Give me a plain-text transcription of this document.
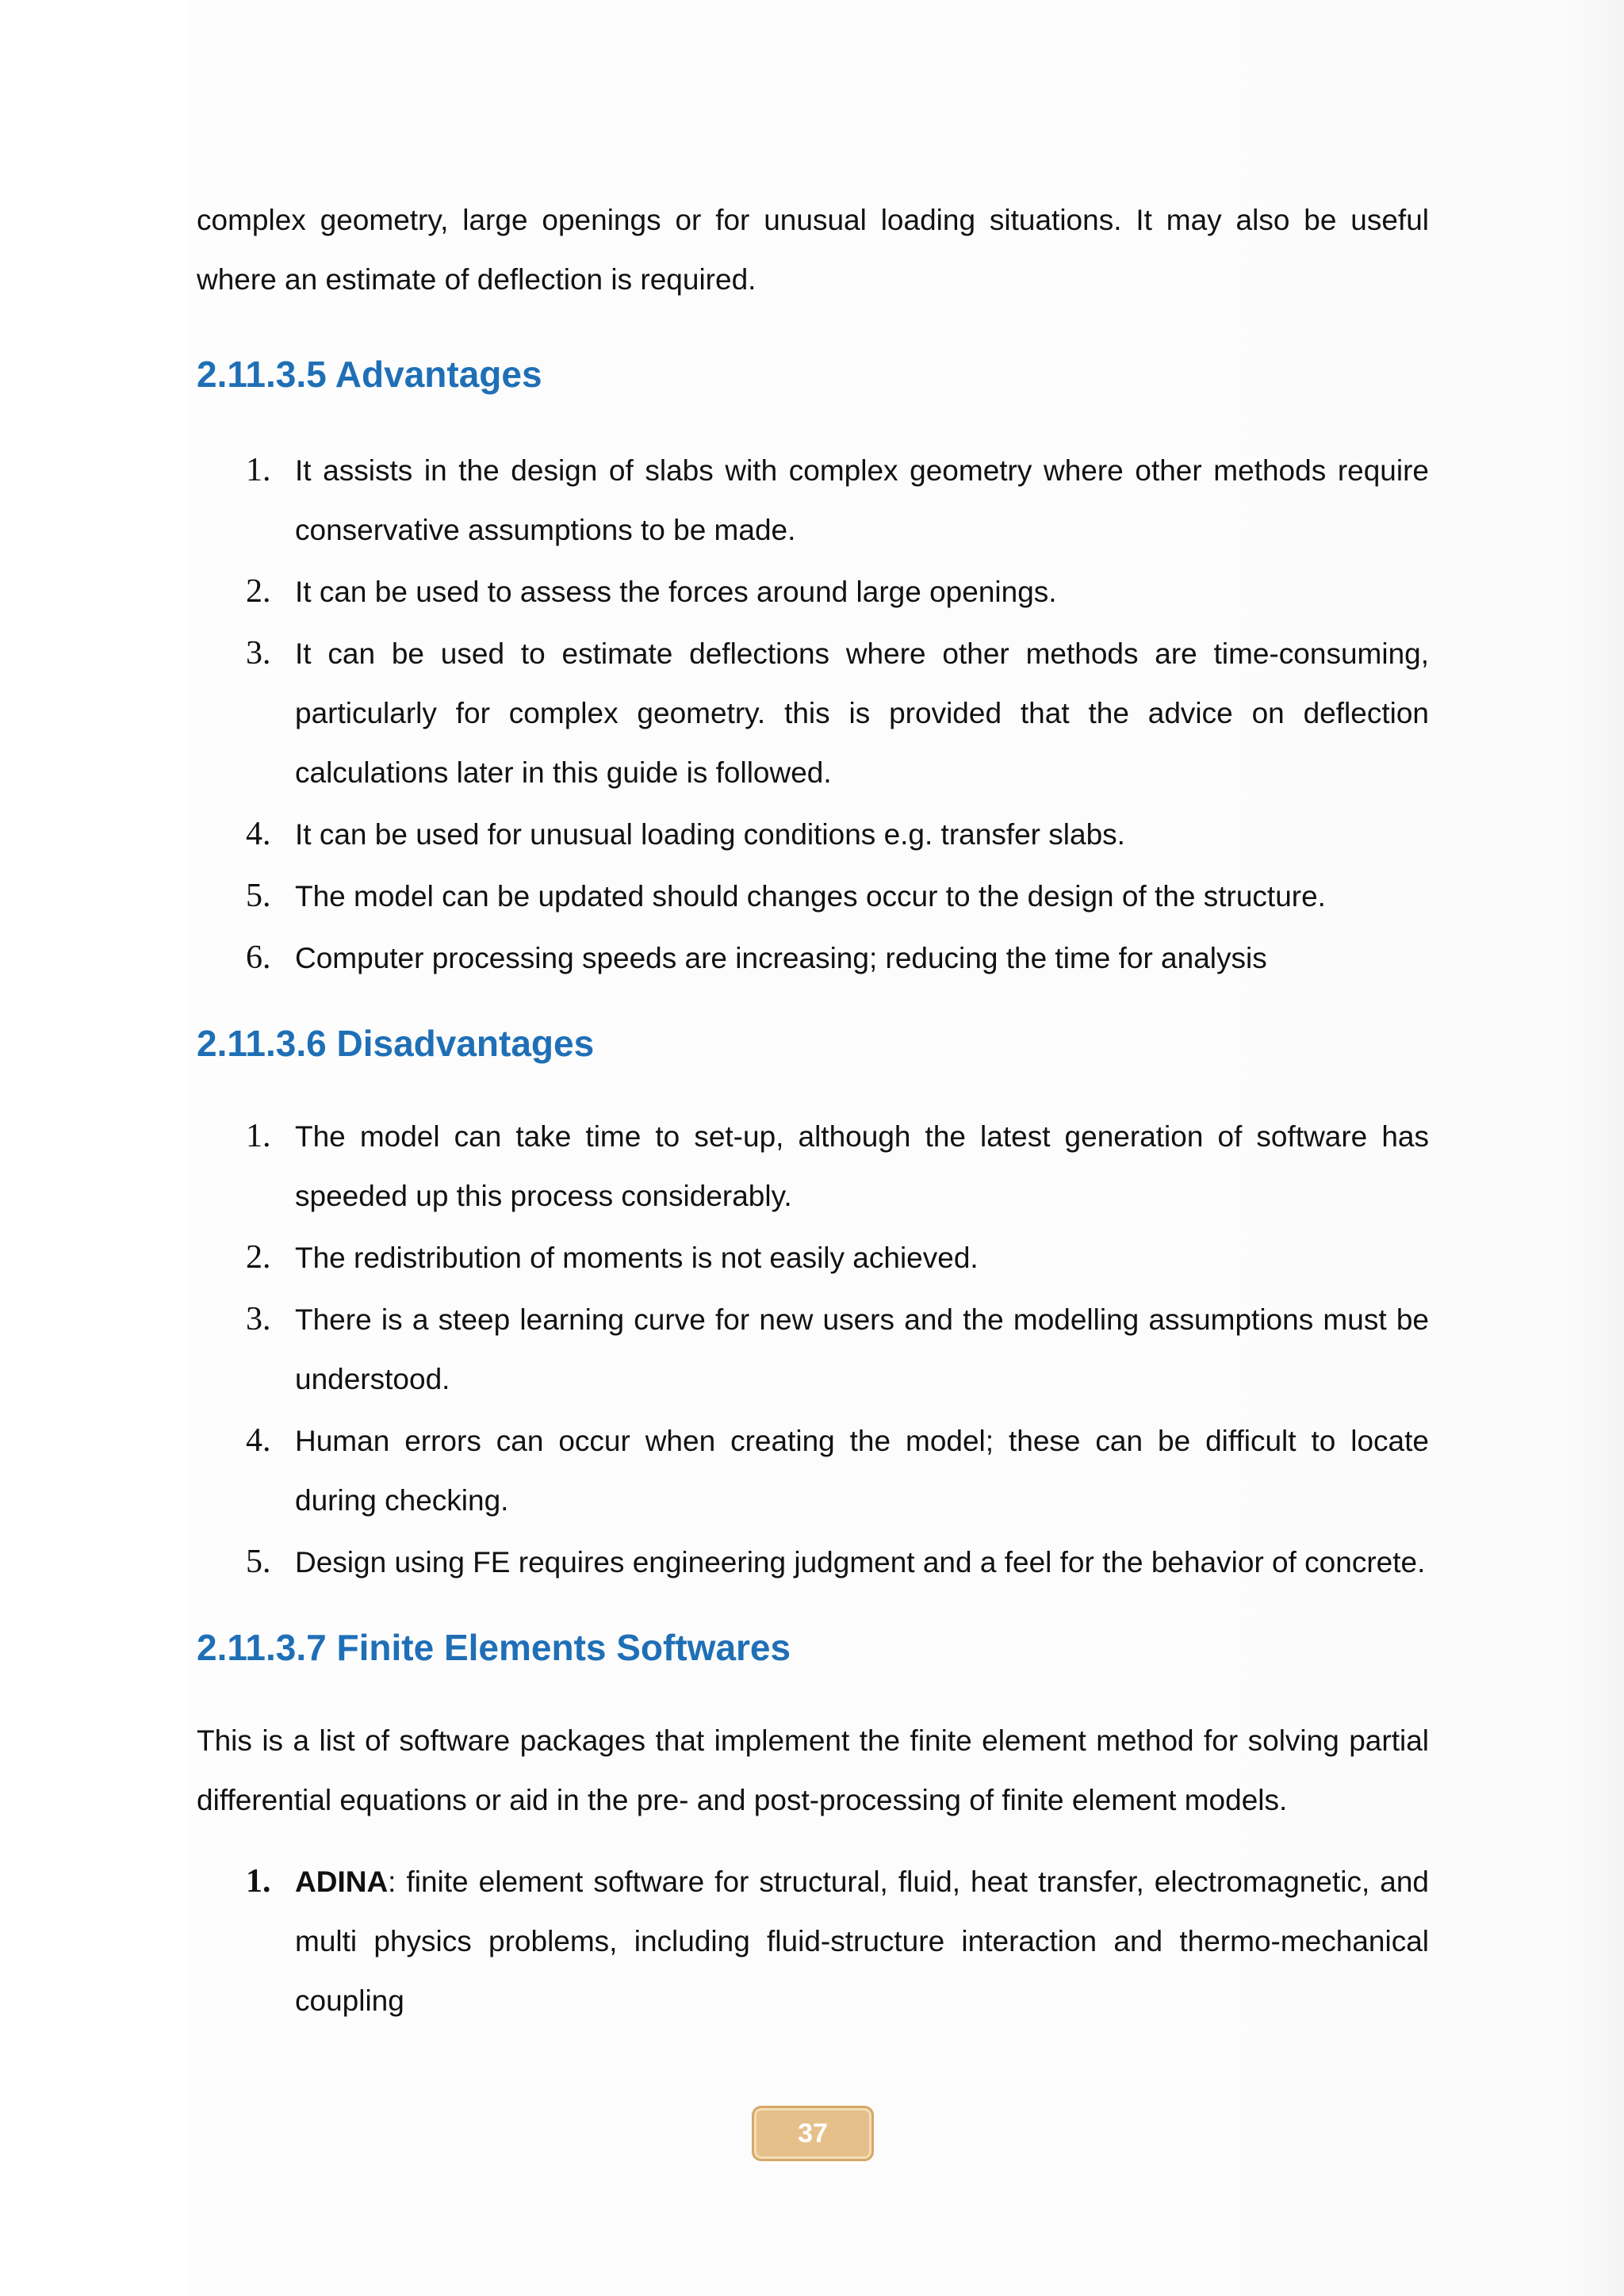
complex geometry, large openings or for unusual loading situations. It may also be useful where an estimate of deflection is required.

2.11.3.5 Advantages
1. It assists in the design of slabs with complex geometry where other methods require conservative assumptions to be made.
2. It can be used to assess the forces around large openings.
3. It can be used to estimate deflections where other methods are time-consuming, particularly for complex geometry. this is provided that the advice on deflection calculations later in this guide is followed.
4. It can be used for unusual loading conditions e.g. transfer slabs.
5. The model can be updated should changes occur to the design of the structure.
6. Computer processing speeds are increasing; reducing the time for analysis
2.11.3.6 Disadvantages
1. The model can take time to set-up, although the latest generation of software has speeded up this process considerably.
2. The redistribution of moments is not easily achieved.
3. There is a steep learning curve for new users and the modelling assumptions must be understood.
4. Human errors can occur when creating the model; these can be difficult to locate during checking.
5. Design using FE requires engineering judgment and a feel for the behavior of concrete.
2.11.3.7 Finite Elements Softwares

This is a list of software packages that implement the finite element method for solving partial differential equations or aid in the pre- and post-processing of finite element models.

1. ADINA: finite element software for structural, fluid, heat transfer, electromagnetic, and multi physics problems, including fluid-structure interaction and thermo-mechanical coupling
37
